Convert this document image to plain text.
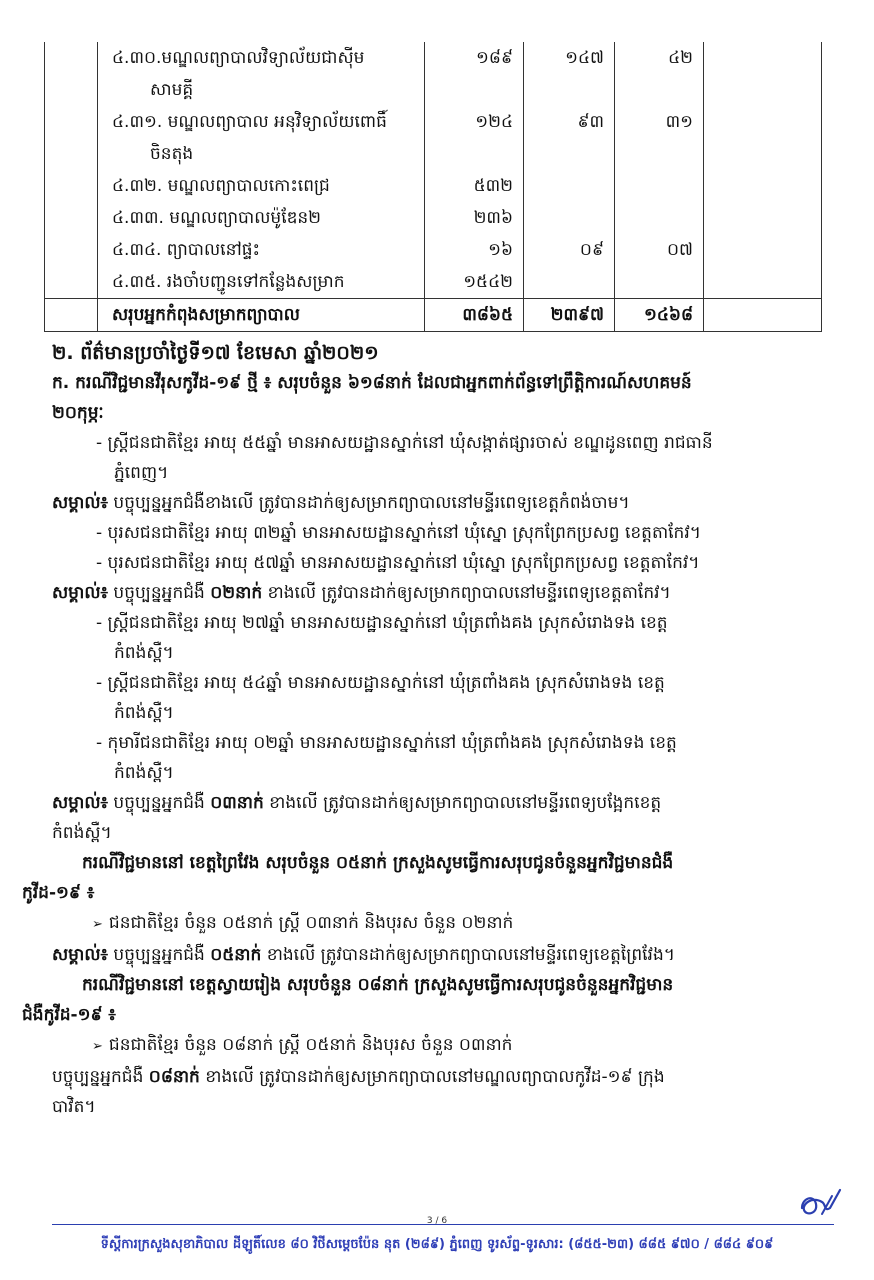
	៤.៣០.មណ្ឌលព្យាបាលវិទ្យាល័យជាស៊ីម
សាមគ្គី	១៨៩	១៤៧	៤២	
	៤.៣១. មណ្ឌលព្យាបាល អនុវិទ្យាល័យពោធិ៍
ចិនតុង	១២៤	៩៣	៣១	
	៤.៣២. មណ្ឌលព្យាបាលកោះពេជ្រ	៥៣២			
	៤.៣៣. មណ្ឌលព្យាបាលម៉ូឌែន២	២៣៦			
	៤.៣៤. ព្យាបាលនៅផ្ទះ	១៦	០៩	០៧	
	៤.៣៥. រងចាំបញ្ជូនទៅកន្លែងសម្រាក	១៥៤២			
	សរុបអ្នកកំពុងសម្រាកព្យាបាល	៣៨៦៥	២៣៩៧	១៤៦៨	

២. ព័ត៌មានប្រចាំថ្ងៃទី១៧ ខែមេសា ឆ្នាំ២០២១

ក. ករណីវិជ្ជមានវីរុសកូវីដ-១៩ ថ្មី ៖ សរុបចំនួន ៦១៨នាក់ ដែលជាអ្នកពាក់ព័ន្ធទៅព្រឹត្តិការណ៍សហគមន៍
២០កុម្ភៈ

- ស្ត្រីជនជាតិខ្មែរ អាយុ ៥៥ឆ្នាំ មានអាសយដ្ឋានស្នាក់នៅ ឃុំសង្កាត់ផ្សារចាស់ ខណ្ឌដូនពេញ រាជធានី
ភ្នំពេញ។

សម្គាល់៖ បច្ចុប្បន្នអ្នកជំងឺខាងលើ ត្រូវបានដាក់ឲ្យសម្រាកព្យាបាលនៅមន្ទីរពេទ្យខេត្តកំពង់ចាម។

- បុរសជនជាតិខ្មែរ អាយុ ៣២ឆ្នាំ មានអាសយដ្ឋានស្នាក់នៅ ឃុំស្នោ ស្រុកព្រែកប្រសព្វ ខេត្តតាកែវ។

- បុរសជនជាតិខ្មែរ អាយុ ៥៧ឆ្នាំ មានអាសយដ្ឋានស្នាក់នៅ ឃុំស្នោ ស្រុកព្រែកប្រសព្វ ខេត្តតាកែវ។

សម្គាល់៖ បច្ចុប្បន្នអ្នកជំងឺ ០២នាក់ ខាងលើ ត្រូវបានដាក់ឲ្យសម្រាកព្យាបាលនៅមន្ទីរពេទ្យខេត្តតាកែវ។

- ស្ត្រីជនជាតិខ្មែរ អាយុ ២៧ឆ្នាំ មានអាសយដ្ឋានស្នាក់នៅ ឃុំត្រពាំងគង ស្រុកសំរោងទង ខេត្ត
កំពង់ស្ពឺ។

- ស្ត្រីជនជាតិខ្មែរ អាយុ ៥៤ឆ្នាំ មានអាសយដ្ឋានស្នាក់នៅ ឃុំត្រពាំងគង ស្រុកសំរោងទង ខេត្ត
កំពង់ស្ពឺ។

- កុមារីជនជាតិខ្មែរ អាយុ ០២ឆ្នាំ មានអាសយដ្ឋានស្នាក់នៅ ឃុំត្រពាំងគង ស្រុកសំរោងទង ខេត្ត
កំពង់ស្ពឺ។

សម្គាល់៖ បច្ចុប្បន្នអ្នកជំងឺ ០៣នាក់ ខាងលើ ត្រូវបានដាក់ឲ្យសម្រាកព្យាបាលនៅមន្ទីរពេទ្យបង្អែកខេត្ត
កំពង់ស្ពឺ។

ករណីវិជ្ជមាននៅ ខេត្តព្រៃវែង សរុបចំនួន ០៥នាក់ ក្រសួងសូមធ្វើការសរុបជូនចំនួនអ្នកវិជ្ជមានជំងឺ
កូវីដ-១៩ ៖

➢ ជនជាតិខ្មែរ ចំនួន ០៥នាក់ ស្ត្រី ០៣នាក់ និងបុរស ចំនួន ០២នាក់

សម្គាល់៖ បច្ចុប្បន្នអ្នកជំងឺ ០៥នាក់ ខាងលើ ត្រូវបានដាក់ឲ្យសម្រាកព្យាបាលនៅមន្ទីរពេទ្យខេត្តព្រៃវែង។

ករណីវិជ្ជមាននៅ ខេត្តស្វាយរៀង សរុបចំនួន ០៨នាក់ ក្រសួងសូមធ្វើការសរុបជូនចំនួនអ្នកវិជ្ជមាន
ជំងឺកូវីដ-១៩ ៖

➢ ជនជាតិខ្មែរ ចំនួន ០៨នាក់ ស្ត្រី ០៥នាក់ និងបុរស ចំនួន ០៣នាក់

បច្ចុប្បន្នអ្នកជំងឺ ០៨នាក់ ខាងលើ ត្រូវបានដាក់ឲ្យសម្រាកព្យាបាលនៅមណ្ឌលព្យាបាលកូវីដ-១៩ ក្រុង
បាវិត។

3 / 6
ទីស្តីការក្រសួងសុខាភិបាល ដីឡូតិ៍លេខ ៨០ វិថីសម្តេចប៉ែន នុត (២៨៩) ភ្នំពេញ ទូរស័ព្ទ-ទូរសារ: (៨៥៥-២៣) ៨៨៥ ៩៧០ / ៨៨៤ ៩០៩
